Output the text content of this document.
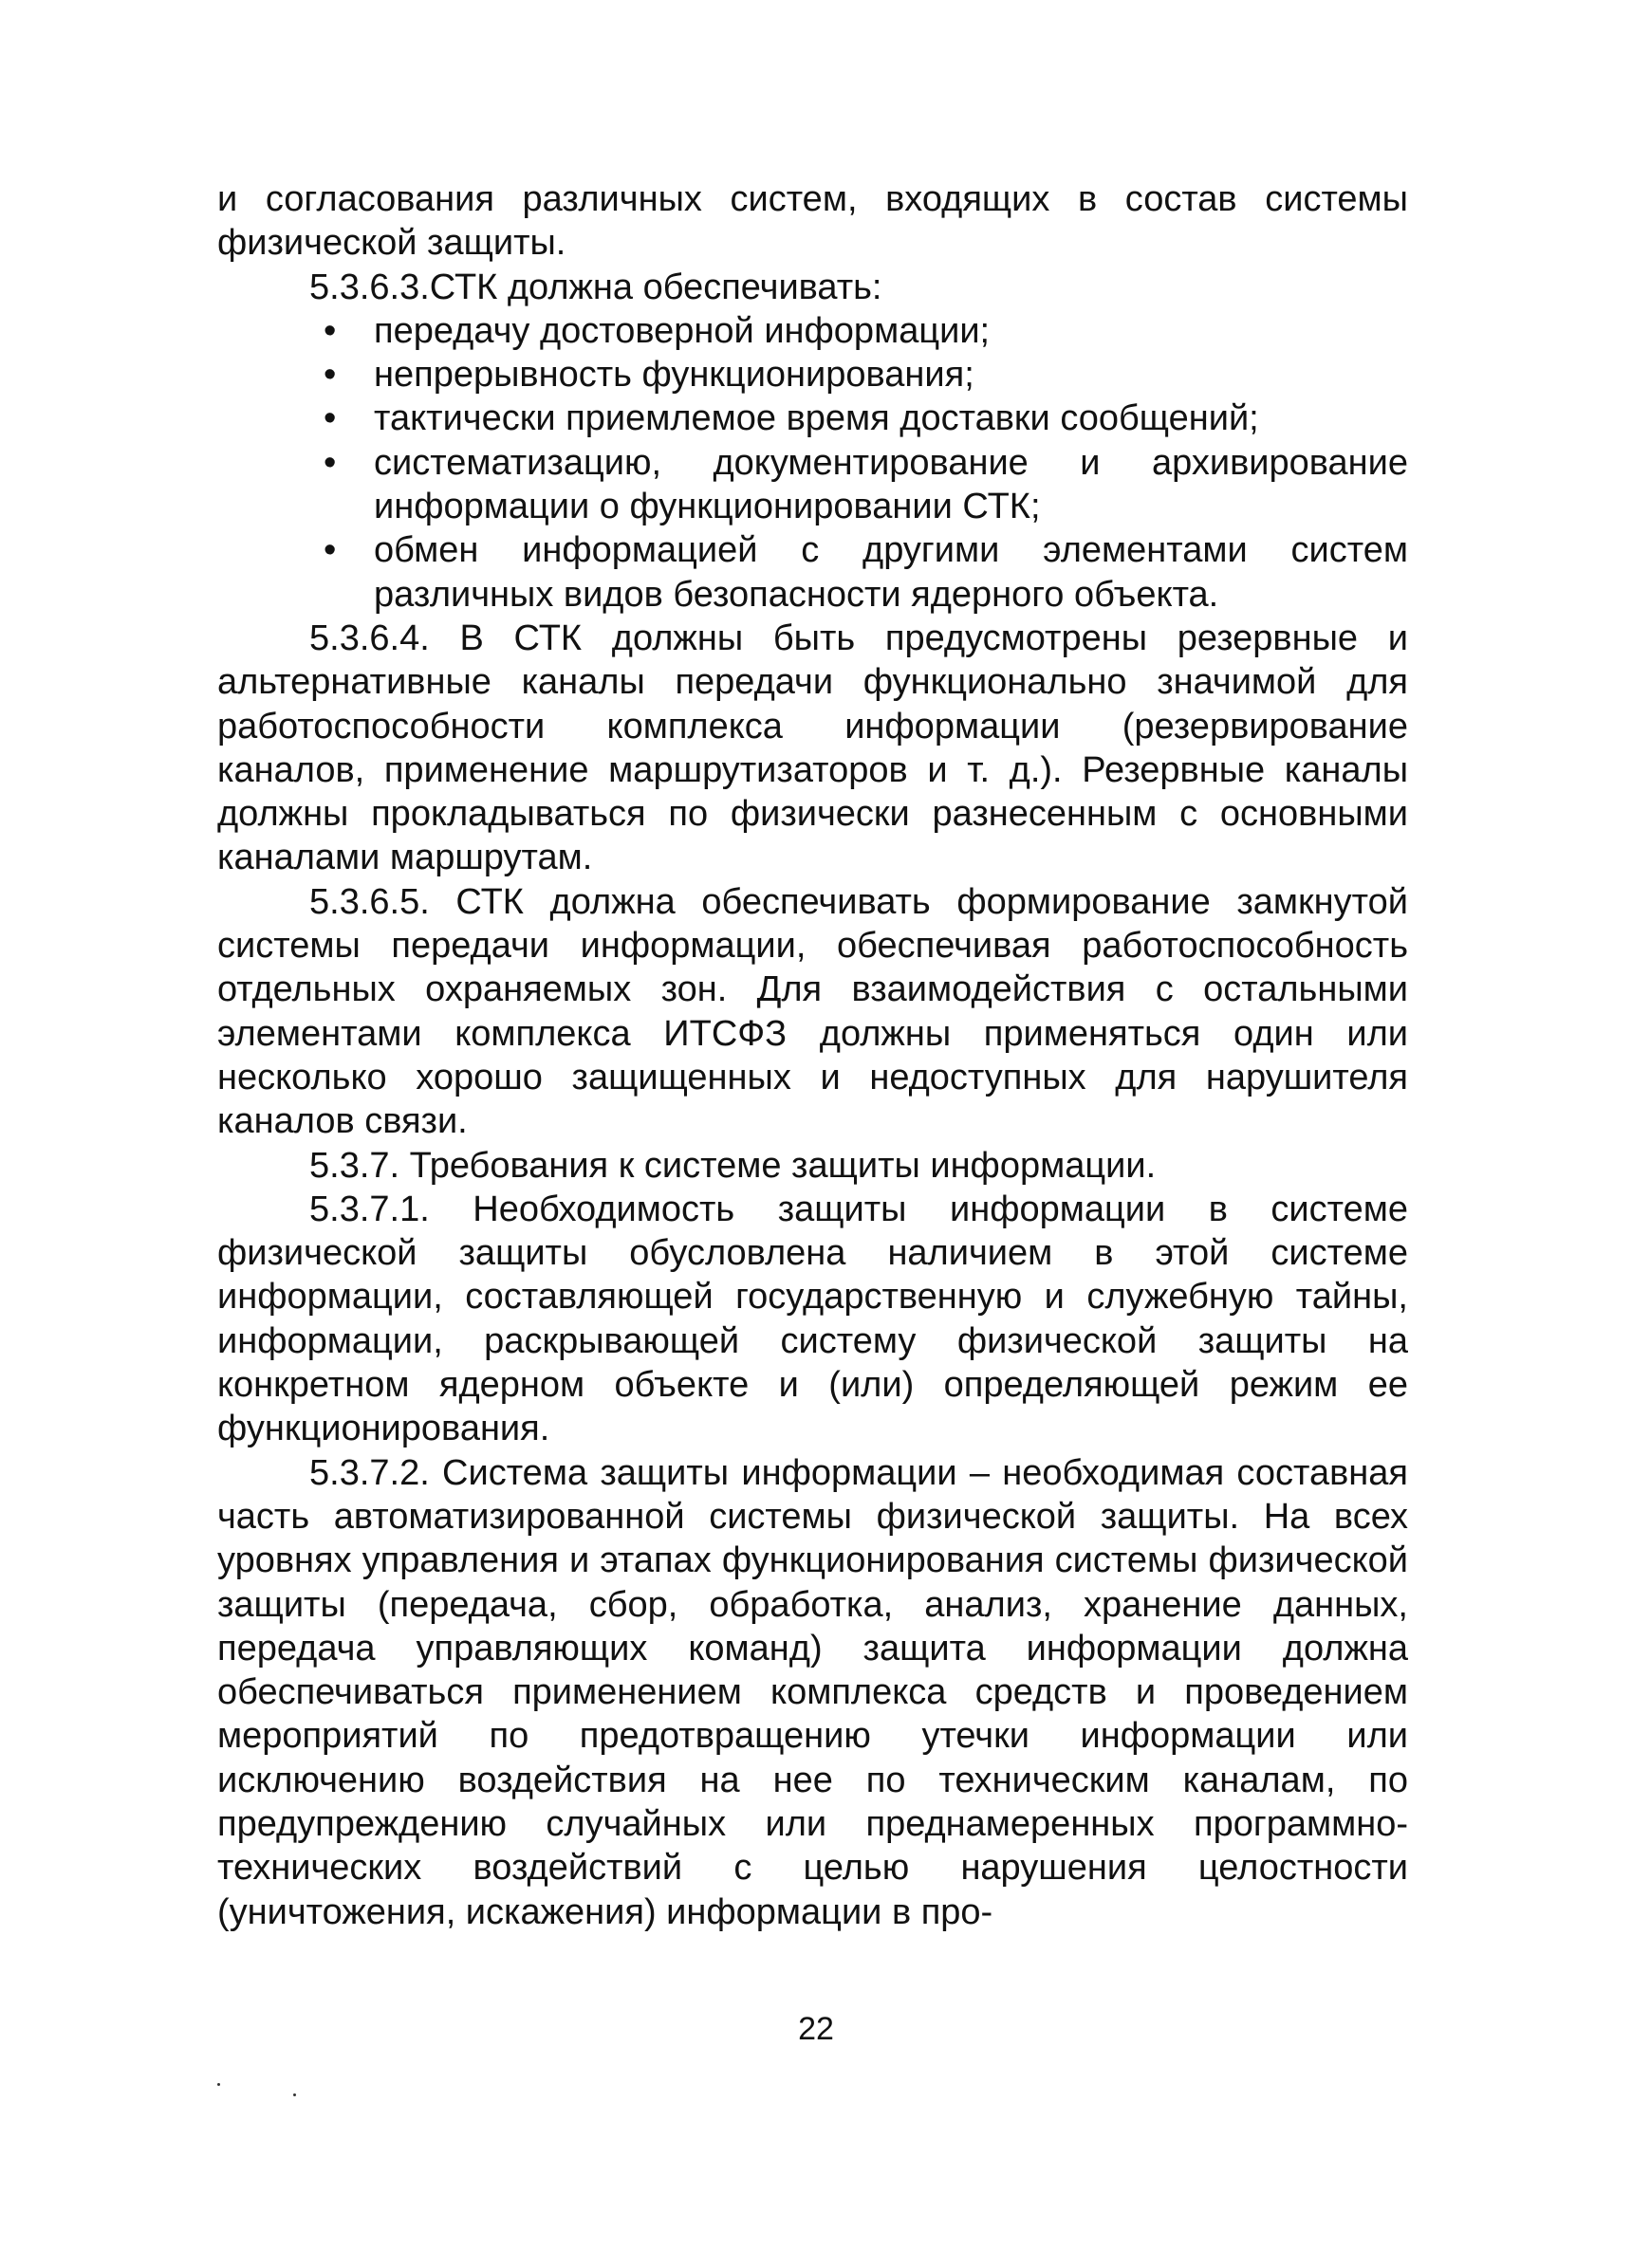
и согласования различных систем, входящих в состав системы физической защиты.

5.3.6.3.СТК должна обеспечивать:

• передачу достоверной информации;
• непрерывность функционирования;
• тактически приемлемое время доставки сообщений;
• систематизацию, документирование и архивирование информации о функционировании СТК;
• обмен информацией с другими элементами систем различных видов безопасности ядерного объекта.

5.3.6.4. В СТК должны быть предусмотрены резервные и альтернативные каналы передачи функционально значимой для работоспособности комплекса информации (резервирование каналов, применение маршрутизаторов и т. д.). Резервные каналы должны прокладываться по физически разнесенным с основными каналами маршрутам.

5.3.6.5. СТК должна обеспечивать формирование замкнутой системы передачи информации, обеспечивая работоспособность отдельных охраняемых зон. Для взаимодействия с остальными элементами комплекса ИТСФЗ должны применяться один или несколько хорошо защищенных и недоступных для нарушителя каналов связи.

5.3.7. Требования к системе защиты информации.

5.3.7.1. Необходимость защиты информации в системе физической защиты обусловлена наличием в этой системе информации, составляющей государственную и служебную тайны, информации, раскрывающей систему физической защиты на конкретном ядерном объекте и (или) определяющей режим ее функционирования.

5.3.7.2. Система защиты информации – необходимая составная часть автоматизированной системы физической защиты. На всех уровнях управления и этапах функционирования системы физической защиты (передача, сбор, обработка, анализ, хранение данных, передача управляющих команд) защита информации должна обеспечиваться применением комплекса средств и проведением мероприятий по предотвращению утечки информации или исключению воздействия на нее по техническим каналам, по предупреждению случайных или преднамеренных программно-технических воздействий с целью нарушения целостности (уничтожения, искажения) информации в про-

22
